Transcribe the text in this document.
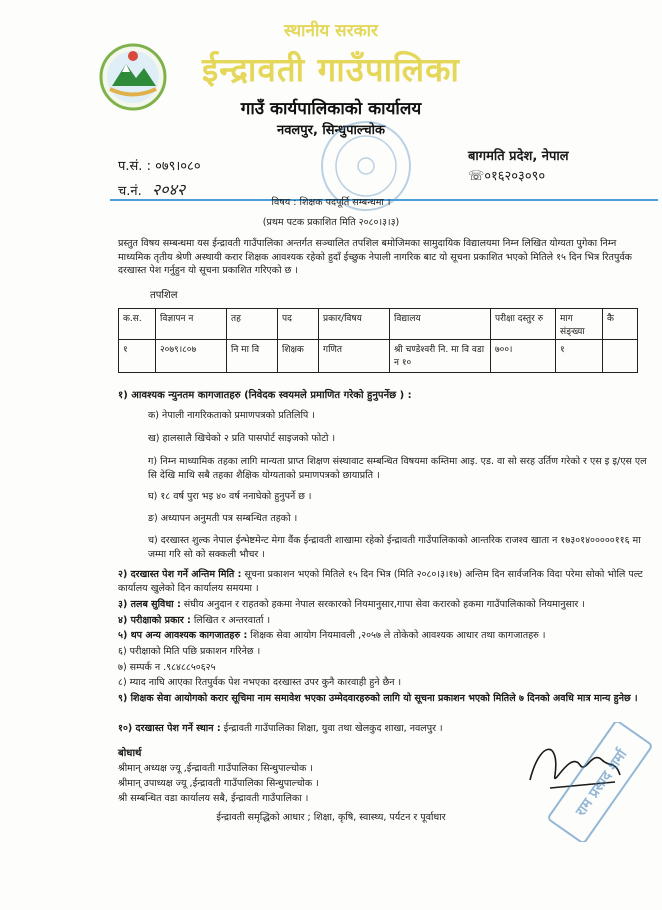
स्थानीय सरकार
ईन्द्रावती गाउँपालिका
गाउँ कार्यपालिकाको कार्यालय
नवलपुर, सिन्धुपाल्चोक
बागमति प्रदेश, नेपाल
☏०१६२०३०९०
प.सं. : ०७९।०८०
च.नं. २०४२
विषय : शिक्षक पदपूर्ति सम्बन्धमा ।
(प्रथम पटक प्रकाशित मिति २०८०।३।३)
प्रस्तुत विषय सम्बन्धमा यस ईन्द्रावती गाउँपालिका अन्तर्गत सञ्चालित तपशिल बमोजिमका सामुदायिक विद्यालयमा निम्न लिखित योग्यता पुगेका निम्न माध्यमिक तृतीय श्रेणी अस्थायी करार शिक्षक आवश्यक रहेको हुदाँ ईच्छुक नेपाली नागरिक बाट यो सूचना प्रकाशित भएको मितिले १५ दिन भित्र रितपुर्वक दरखास्त पेश गर्नुहुन यो सूचना प्रकाशित गरिएको छ ।
तपशिल
क.स.	विज्ञापन न	तह	पद	प्रकार/विषय	विद्यालय	परीक्षा दस्तुर रु	माग संङ्ख्या	कै
१	२०७९।८०७	नि मा वि	शिक्षक	गणित	श्री चण्डेश्वरी नि. मा वि वडा न १०	७००।	१	
१) आवश्यक न्युनतम कागजातहरु (निवेदक स्वयमले प्रमाणित गरेको हुनुपर्नेछ ) :
क) नेपाली नागरिकताको प्रमाणपत्रको प्रतिलिपि ।
ख) हालसालै खिचेको २ प्रति पासपोर्ट साइजको फोटो ।
ग) निम्न माध्यामिक तहका लागि मान्यता प्राप्त शिक्षण संस्थावाट सम्बन्धित विषयमा कम्तिमा आइ. एड. वा सो सरह उर्तिण गरेको र एस इ इ/एस एल सि देखि माथि सबै तहका शैक्षिक योग्यताको प्रमाणपत्रको छायाप्रति ।
घ) १८ वर्ष पुरा भइ ४० वर्ष ननाघेको हुनुपर्ने छ ।
ङ) अध्यापन अनुमती पत्र सम्बन्धित तहको ।
च) दरखास्त शुल्क नेपाल ईन्भेष्टमेन्ट मेगा वैंक ईन्द्रावती शाखामा रहेको ईन्द्रावती गाउँपालिकाको आन्तरिक राजश्व खाता न १७३०१४०००००११६ मा जम्मा गरि सो को सक्कली भौचर ।
२) दरखास्त पेश गर्ने अन्तिम मिति : सूचना प्रकाशन भएको मितिले १५ दिन भित्र (मिति २०८०।३।१७) अन्तिम दिन सार्वजनिक विदा परेमा सोको भोलि पल्ट कार्यालय खुलेको दिन कार्यालय समयमा ।
३) तलब सुविधा : संघीय अनुदान र राहतको हकमा नेपाल सरकारको नियमानुसार,गापा सेवा करारको हकमा गाउँपालिकाको नियमानुसार ।
४) परीक्षाको प्रकार : लिखित र अन्तरवार्ता ।
५) थप अन्य आवश्यक कागजातहरु : शिक्षक सेवा आयोग नियमावली ,२०५७ ले तोकेको आवश्यक आधार तथा कागजातहरु ।
६) परीक्षाको मिति पछि प्रकाशन गरिनेछ ।
७) सम्पर्क न .९८४८८५०६२५
८) म्याद नाघि आएका रितपुर्वक पेश नभएका दरखास्त उपर कुनै कारवाही हुने छैन ।
९) शिक्षक सेवा आयोगको करार सूचिमा नाम समावेश भएका उम्मेदवारहरुको लागि यो सूचना प्रकाशन भएको मितिले ७ दिनको अवधि मात्र मान्य हुनेछ ।
१०) दरखास्त पेश गर्ने स्थान : ईन्द्रावती गाउँपालिका शिक्षा, युवा तथा खेलकुद शाखा, नवलपुर ।
बोधार्थ
श्रीमान् अध्यक्ष ज्यू ,ईन्द्रावती गाउँपालिका सिन्धुपाल्चोक ।
श्रीमान् उपाध्यक्ष ज्यू ,ईन्द्रावती गाउँपालिका सिन्धुपाल्चोक ।
श्री सम्बन्धित वडा कार्यालय सबै, ईन्द्रावती गाउँपालिका ।	राम प्रसाद शर्मा
ईन्द्रावती समृद्धिको आधार ; शिक्षा, कृषि, स्वास्थ्य, पर्यटन र पूर्वाधार
